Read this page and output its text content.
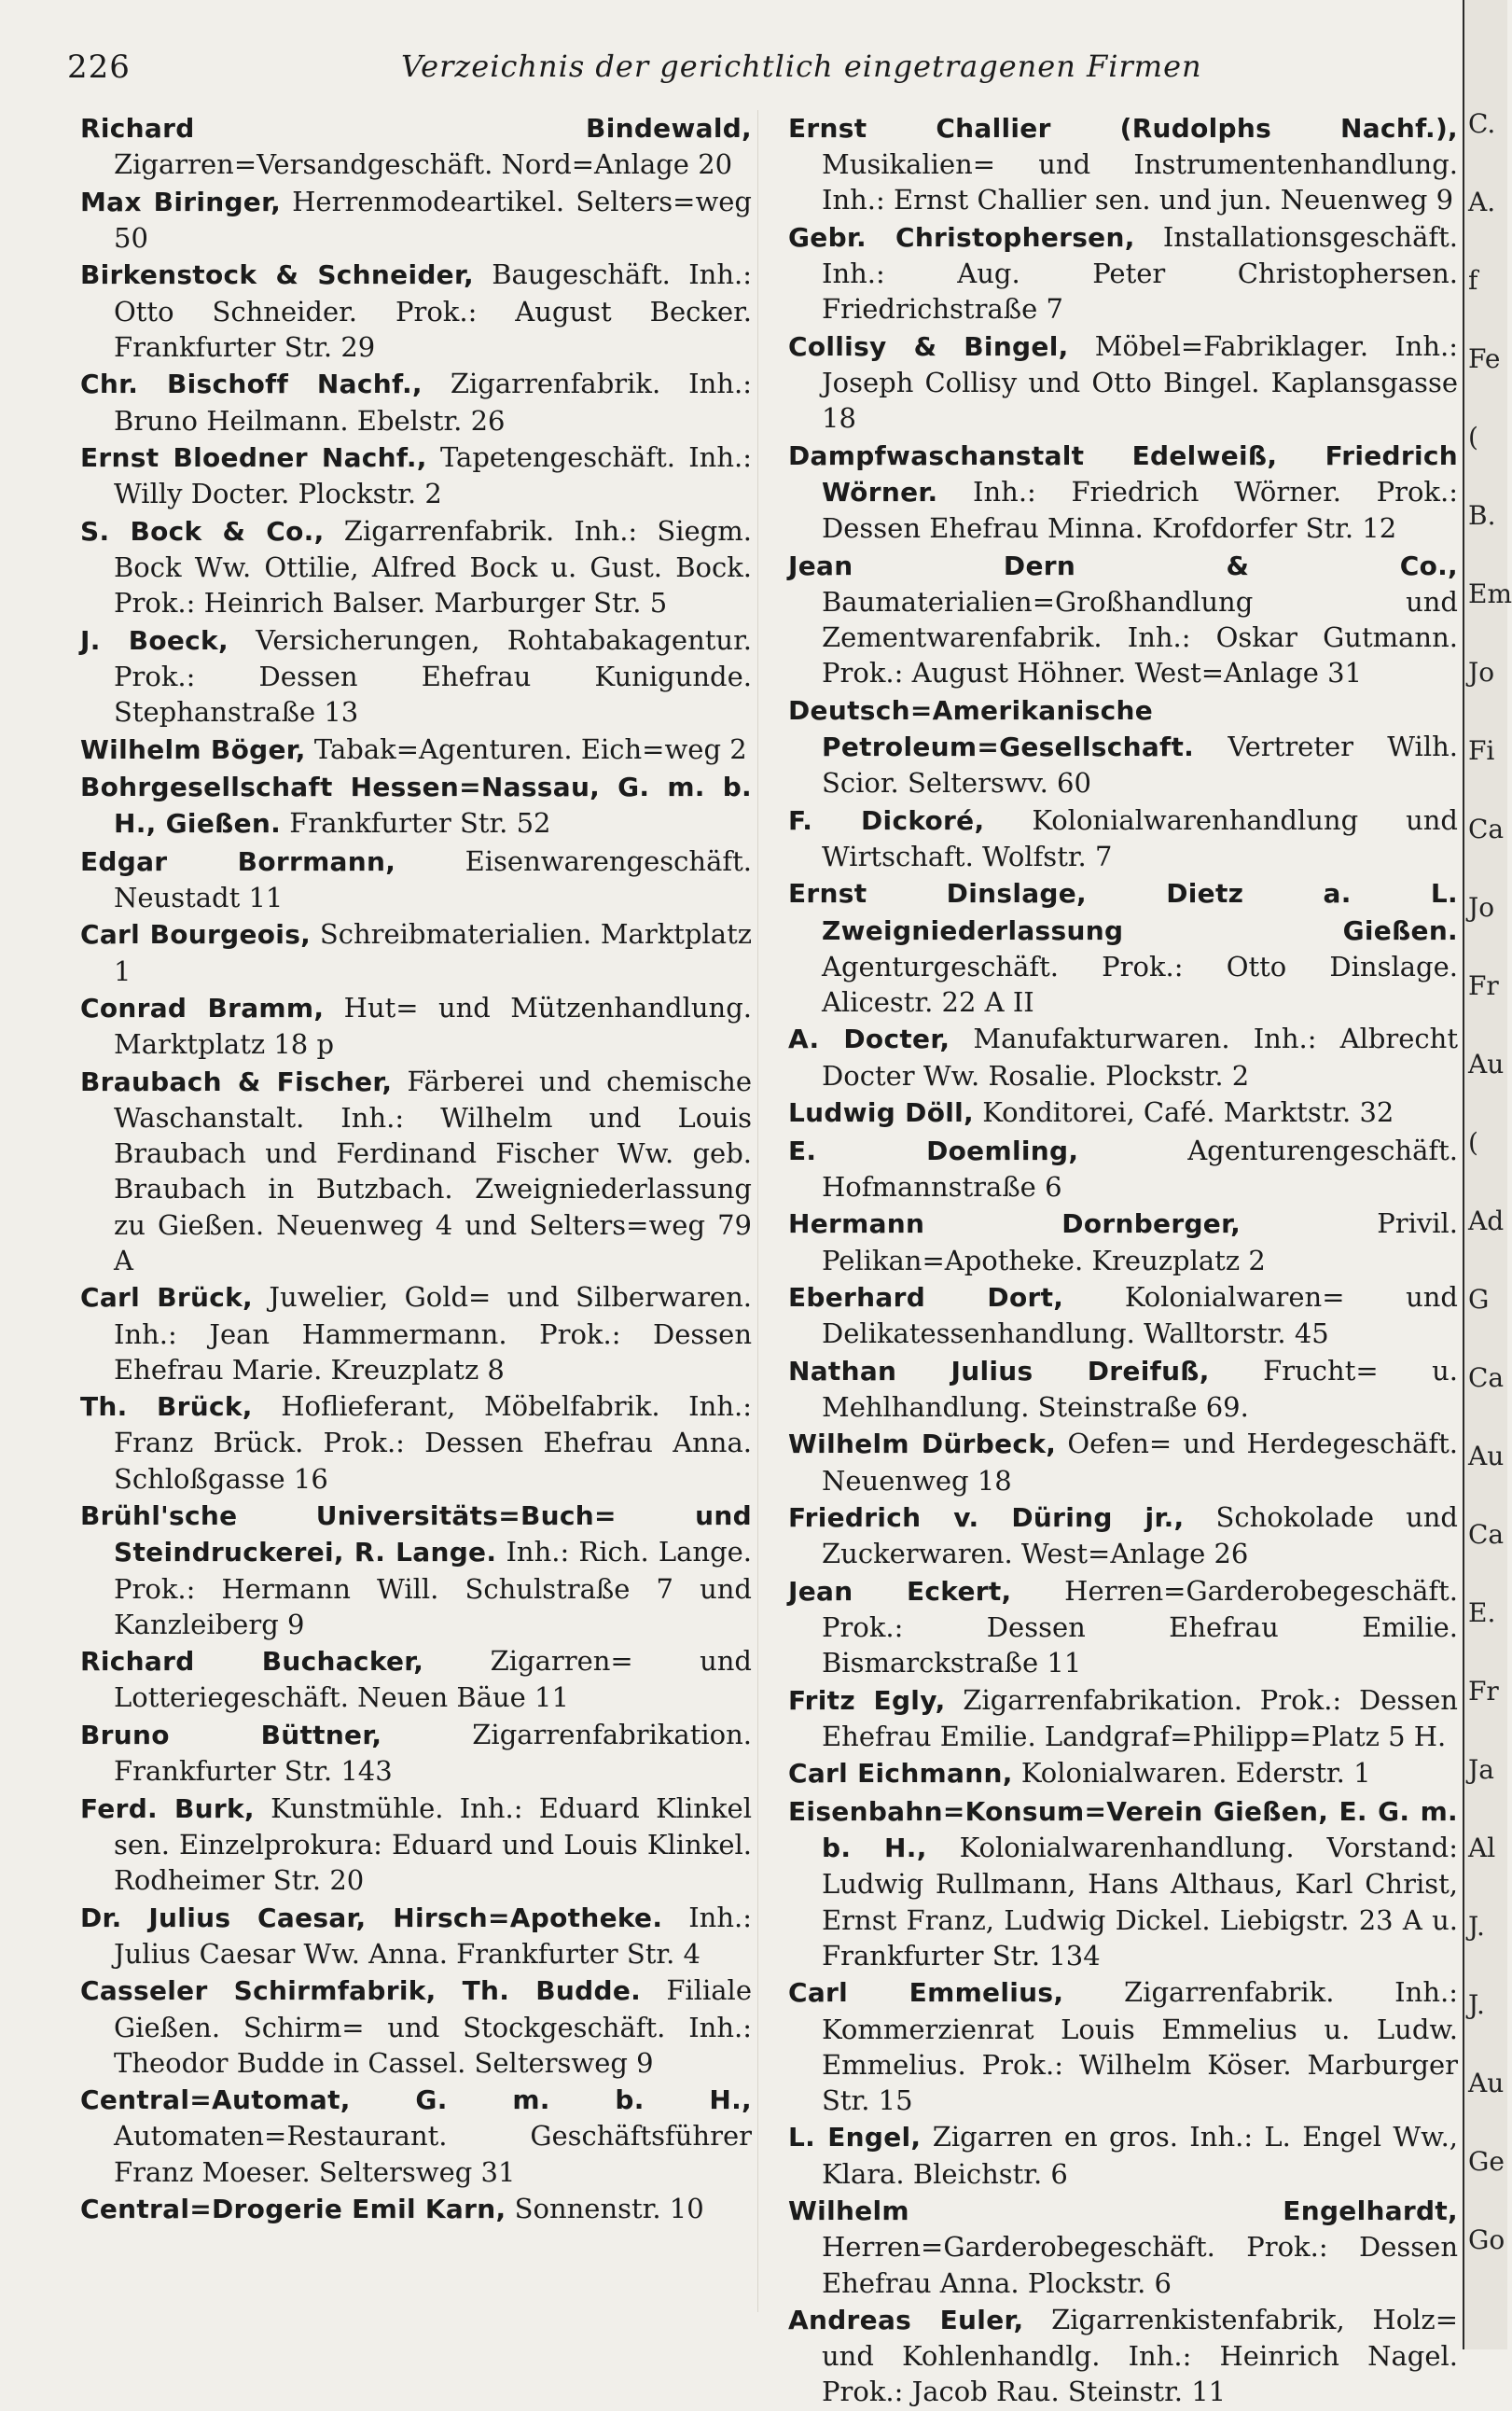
226	Verzeichnis der gerichtlich eingetragenen Firmen

Richard Bindewald, Zigarren=Versandgeschäft. Nord=Anlage 20

Max Biringer, Herrenmodeartikel. Selters=weg 50

Birkenstock & Schneider, Baugeschäft. Inh.: Otto Schneider. Prok.: August Becker. Frankfurter Str. 29

Chr. Bischoff Nachf., Zigarrenfabrik. Inh.: Bruno Heilmann. Ebelstr. 26

Ernst Bloedner Nachf., Tapetengeschäft. Inh.: Willy Docter. Plockstr. 2

S. Bock & Co., Zigarrenfabrik. Inh.: Siegm. Bock Ww. Ottilie, Alfred Bock u. Gust. Bock. Prok.: Heinrich Balser. Marburger Str. 5

J. Boeck, Versicherungen, Rohtabakagentur. Prok.: Dessen Ehefrau Kunigunde. Stephanstraße 13

Wilhelm Böger, Tabak=Agenturen. Eich=weg 2

Bohrgesellschaft Hessen=Nassau, G. m. b. H., Gießen. Frankfurter Str. 52

Edgar Borrmann,	Eisenwarengeschäft. Neustadt 11

Carl Bourgeois, Schreibmaterialien. Marktplatz 1

Conrad Bramm, Hut= und Mützenhandlung. Marktplatz 18 p

Braubach & Fischer, Färberei und chemische Waschanstalt. Inh.: Wilhelm und Louis Braubach und Ferdinand Fischer Ww. geb. Braubach in Butzbach. Zweigniederlassung zu Gießen. Neuenweg 4 und Selters=weg 79 A

Carl Brück, Juwelier, Gold= und Silberwaren. Inh.: Jean Hammermann. Prok.: Dessen Ehefrau Marie. Kreuzplatz 8

Th. Brück, Hoflieferant, Möbelfabrik. Inh.: Franz Brück. Prok.: Dessen Ehefrau Anna. Schloßgasse 16

Brühl'sche Universitäts=Buch= und Steindruckerei, R. Lange. Inh.: Rich. Lange. Prok.: Hermann Will. Schulstraße 7 und Kanzleiberg 9

Richard Buchacker, Zigarren= und Lotteriegeschäft. Neuen Bäue 11

Bruno Büttner,	Zigarrenfabrikation. Frankfurter Str. 143

Ferd. Burk, Kunstmühle. Inh.: Eduard Klinkel sen. Einzelprokura: Eduard und Louis Klinkel. Rodheimer Str. 20

Dr. Julius Caesar, Hirsch=Apotheke. Inh.: Julius Caesar Ww. Anna. Frankfurter Str. 4

Casseler Schirmfabrik, Th. Budde. Filiale Gießen. Schirm= und Stockgeschäft. Inh.: Theodor Budde in Cassel. Seltersweg 9

Central=Automat, G. m. b. H., Automaten=Restaurant. Geschäftsführer Franz Moeser. Seltersweg 31

Central=Drogerie Emil Karn, Sonnenstr. 10

Ernst Challier (Rudolphs Nachf.), Musikalien= und Instrumentenhandlung. Inh.: Ernst Challier sen. und jun. Neuenweg 9

Gebr. Christophersen, Installationsgeschäft. Inh.: Aug. Peter Christophersen. Friedrichstraße 7

Collisy & Bingel, Möbel=Fabriklager. Inh.: Joseph Collisy und Otto Bingel. Kaplansgasse 18

Dampfwaschanstalt Edelweiß, Friedrich Wörner. Inh.: Friedrich Wörner. Prok.: Dessen Ehefrau Minna. Krofdorfer Str. 12

Jean Dern & Co., Baumaterialien=Großhandlung und Zementwarenfabrik. Inh.: Oskar Gutmann. Prok.: August Höhner. West=Anlage 31

Deutsch=Amerikanische Petroleum=Gesellschaft. Vertreter Wilh. Scior. Selterswv. 60

F. Dickoré, Kolonialwarenhandlung und Wirtschaft. Wolfstr. 7

Ernst Dinslage, Dietz a. L. Zweigniederlassung Gießen. Agenturgeschäft. Prok.: Otto Dinslage. Alicestr. 22 A II

A. Docter, Manufakturwaren. Inh.: Albrecht Docter Ww. Rosalie. Plockstr. 2

Ludwig Döll, Konditorei, Café. Marktstr. 32

E. Doemling,	Agenturengeschäft. Hofmannstraße 6

Hermann Dornberger,	Privil. Pelikan=Apotheke. Kreuzplatz 2

Eberhard Dort, Kolonialwaren= und Delikatessenhandlung. Walltorstr. 45

Nathan Julius Dreifuß, Frucht= u. Mehlhandlung. Steinstraße 69.

Wilhelm Dürbeck, Oefen= und Herdegeschäft. Neuenweg 18

Friedrich v. Düring jr., Schokolade und Zuckerwaren. West=Anlage 26

Jean Eckert, Herren=Garderobegeschäft. Prok.: Dessen Ehefrau Emilie. Bismarckstraße 11

Fritz Egly, Zigarrenfabrikation. Prok.: Dessen Ehefrau Emilie. Landgraf=Philipp=Platz 5 H.

Carl Eichmann, Kolonialwaren. Ederstr. 1

Eisenbahn=Konsum=Verein Gießen, E. G. m. b. H., Kolonialwarenhandlung. Vorstand: Ludwig Rullmann, Hans Althaus, Karl Christ, Ernst Franz, Ludwig Dickel. Liebigstr. 23 A u. Frankfurter Str. 134

Carl Emmelius, Zigarrenfabrik. Inh.: Kommerzienrat Louis Emmelius u. Ludw. Emmelius. Prok.: Wilhelm Köser. Marburger Str. 15

L. Engel, Zigarren en gros. Inh.: L. Engel Ww., Klara. Bleichstr. 6

Wilhelm Engelhardt, Herren=Garderobegeschäft. Prok.: Dessen Ehefrau Anna. Plockstr. 6

Andreas Euler, Zigarrenkistenfabrik, Holz= und Kohlenhandlg. Inh.: Heinrich Nagel. Prok.: Jacob Rau. Steinstr. 11

C.
A.
f
Fe
(
B.
Em
Jo
Fi
Ca
Jo
Fr
Au
(
Ad
G
Ca
Au
Ca
E.
Fr
Ja
Al
J.
J.
Au
Ge
Go
